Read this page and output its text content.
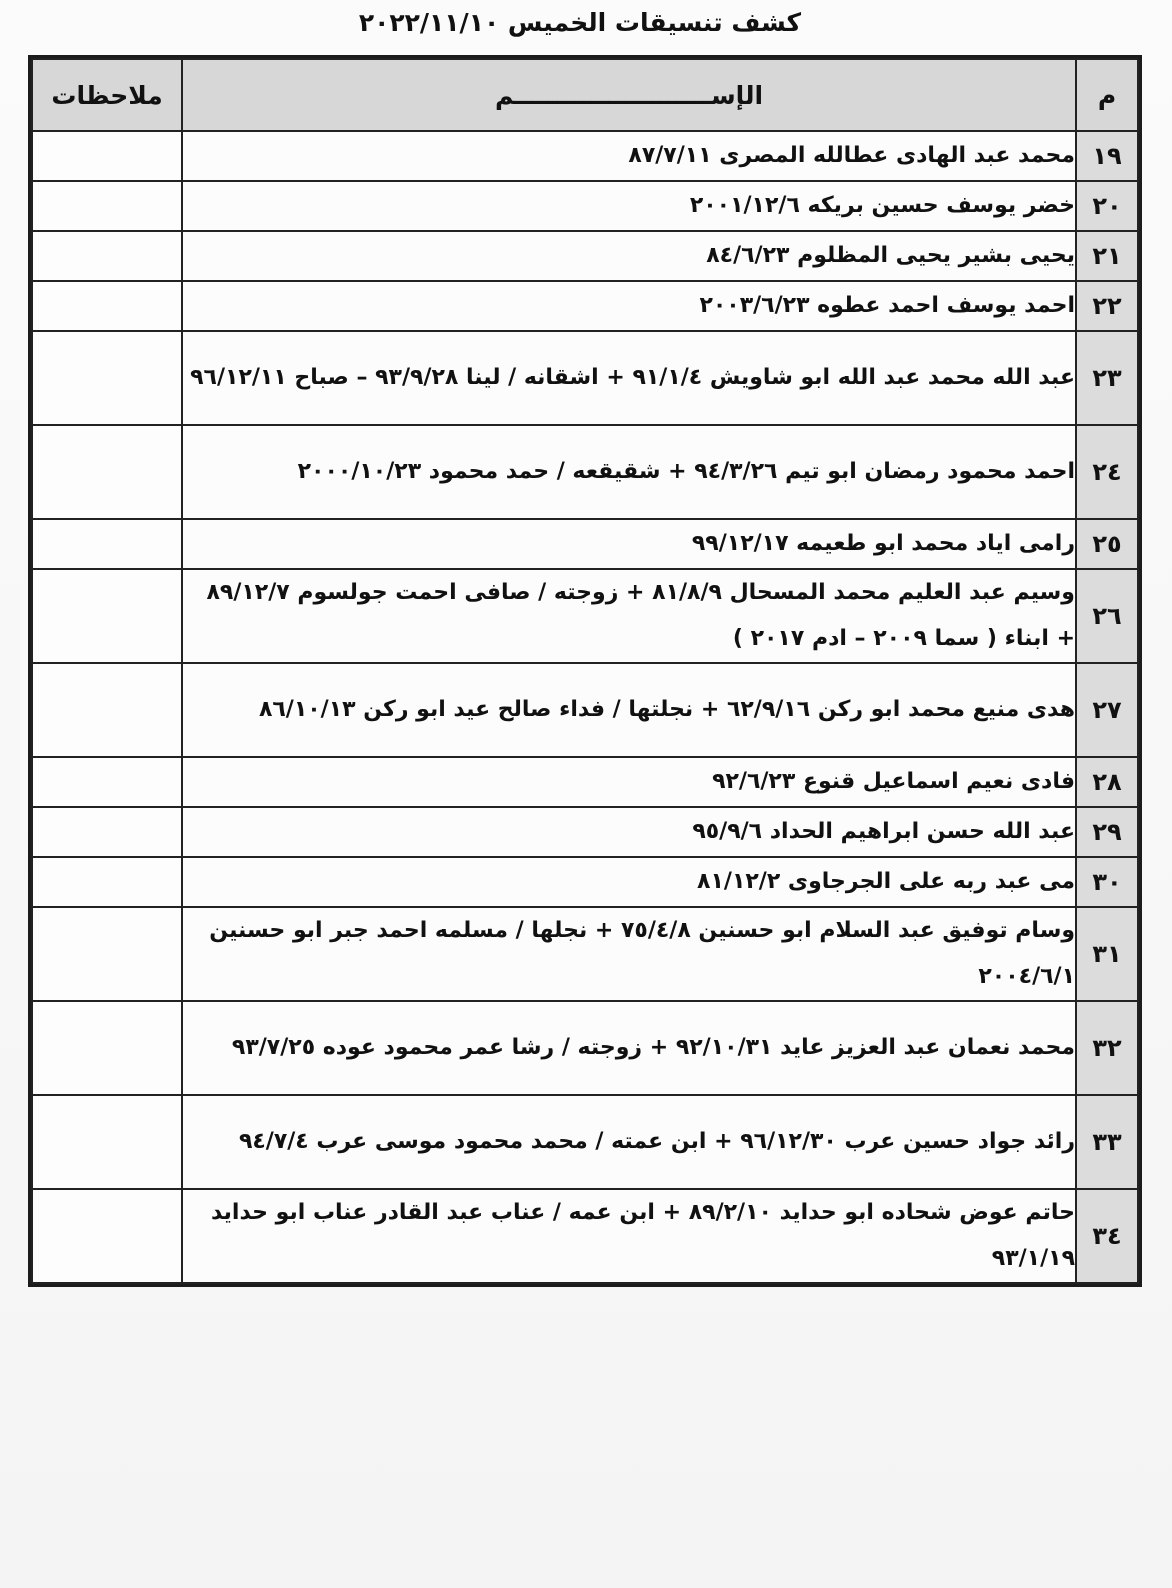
كشف تنسيقات الخميس ٢٠٢٢/١١/١٠
م	الإســـــــــــــــــــــــم	ملاحظات
١٩	محمد عبد الهادى عطالله المصرى ٨٧/٧/١١	
٢٠	خضر يوسف حسين بريكه ٢٠٠١/١٢/٦	
٢١	يحيى بشير يحيى المظلوم ٨٤/٦/٢٣	
٢٢	احمد يوسف احمد عطوه ٢٠٠٣/٦/٢٣	
٢٣	عبد الله محمد عبد الله ابو شاويش ٩١/١/٤ + اشقانه / لينا ٩٣/٩/٢٨ – صباح ٩٦/١٢/١١	
٢٤	احمد محمود رمضان ابو تيم ٩٤/٣/٢٦ + شقيقعه / حمد محمود ٢٠٠٠/١٠/٢٣	
٢٥	رامى اياد محمد ابو طعيمه ٩٩/١٢/١٧	
٢٦	وسيم عبد العليم محمد المسحال ٨١/٨/٩ + زوجته / صافى احمت جولسوم ٨٩/١٢/٧ + ابناء ( سما ٢٠٠٩ – ادم ٢٠١٧ )	
٢٧	هدى منيع محمد ابو ركن ٦٢/٩/١٦ + نجلتها / فداء صالح عيد ابو ركن ٨٦/١٠/١٣	
٢٨	فادى نعيم اسماعيل قنوع ٩٢/٦/٢٣	
٢٩	عبد الله حسن ابراهيم الحداد ٩٥/٩/٦	
٣٠	مى عبد ربه على الجرجاوى ٨١/١٢/٢	
٣١	وسام توفيق عبد السلام ابو حسنين ٧٥/٤/٨ + نجلها / مسلمه احمد جبر ابو حسنين ٢٠٠٤/٦/١	
٣٢	محمد نعمان عبد العزيز عايد ٩٢/١٠/٣١ + زوجته / رشا عمر محمود عوده ٩٣/٧/٢٥	
٣٣	رائد جواد حسين عرب ٩٦/١٢/٣٠ + ابن عمته / محمد محمود موسى عرب ٩٤/٧/٤	
٣٤	حاتم عوض شحاده ابو حدايد ٨٩/٢/١٠ + ابن عمه / عناب عبد القادر عناب ابو حدايد ٩٣/١/١٩	
